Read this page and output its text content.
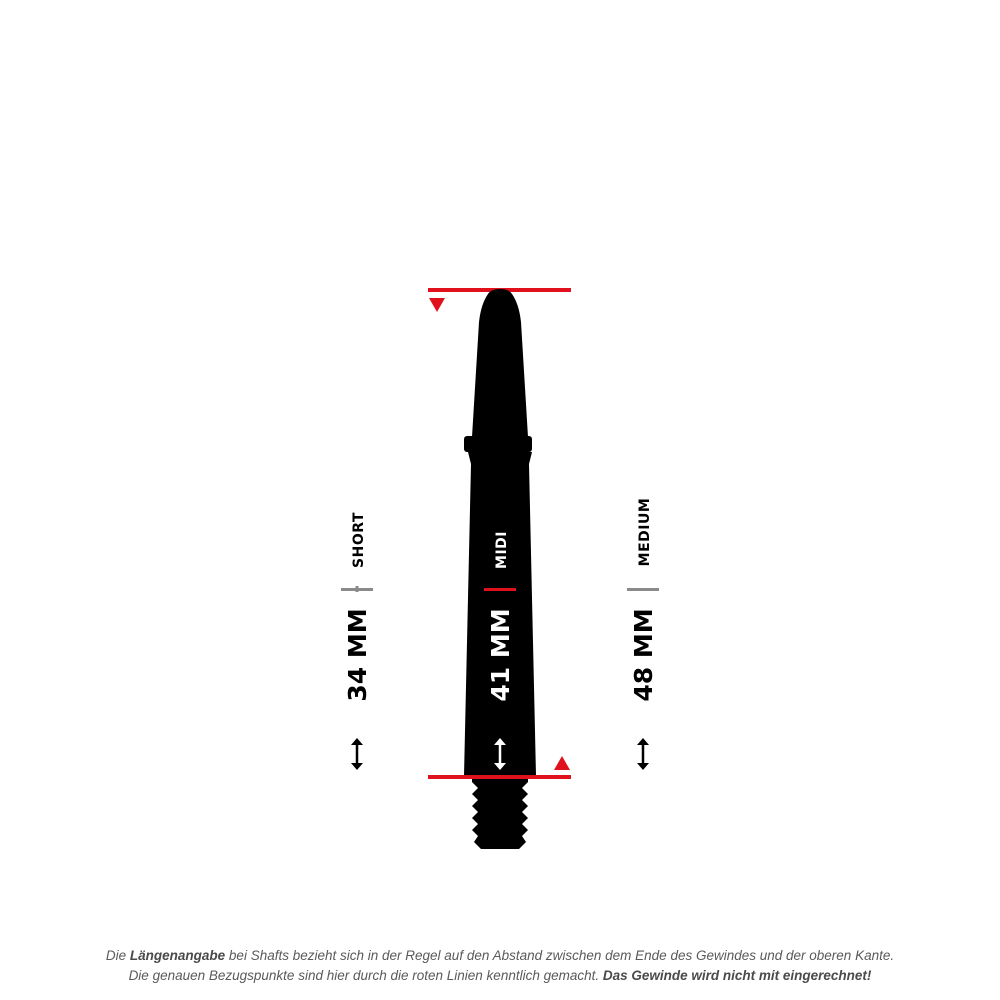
SHORT
34 MM
MIDI
41 MM
MEDIUM
48 MM
Die Längenangabe bei Shafts bezieht sich in der Regel auf den Abstand zwischen dem Ende des Gewindes und der oberen Kante.
Die genauen Bezugspunkte sind hier durch die roten Linien kenntlich gemacht. Das Gewinde wird nicht mit eingerechnet!
